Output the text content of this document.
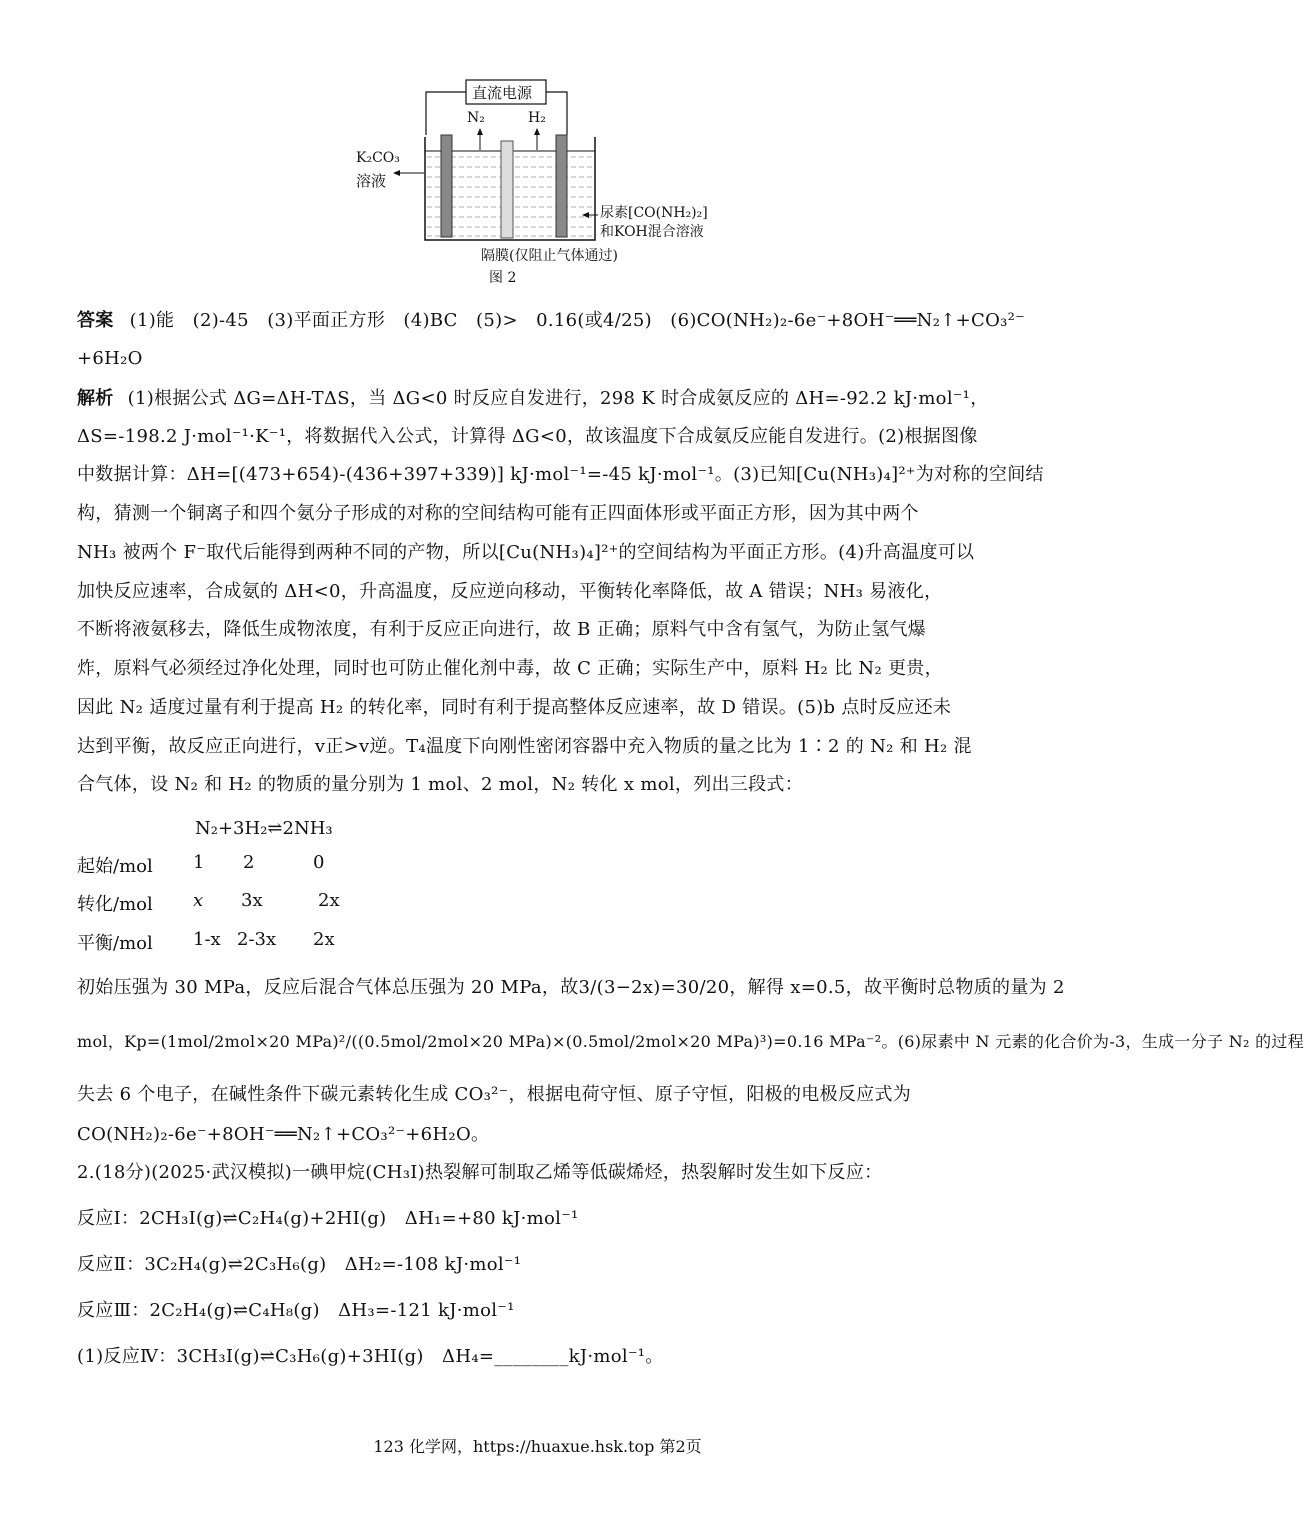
直流电源
N₂	H₂
K₂CO₃
溶液
尿素[CO(NH₂)₂]
和KOH混合溶液
隔膜(仅阻止气体通过)
图 2
答案 (1)能　(2)-45　(3)平面正方形　(4)BC　(5)>　0.16(或4/25)　(6)CO(NH₂)₂-6e⁻+8OH⁻══N₂↑+CO₃²⁻
+6H₂O
解析 (1)根据公式 ΔG=ΔH-TΔS，当 ΔG<0 时反应自发进行，298 K 时合成氨反应的 ΔH=-92.2 kJ·mol⁻¹，
ΔS=-198.2 J·mol⁻¹·K⁻¹，将数据代入公式，计算得 ΔG<0，故该温度下合成氨反应能自发进行。(2)根据图像
中数据计算：ΔH=[(473+654)-(436+397+339)] kJ·mol⁻¹=-45 kJ·mol⁻¹。(3)已知[Cu(NH₃)₄]²⁺为对称的空间结
构，猜测一个铜离子和四个氨分子形成的对称的空间结构可能有正四面体形或平面正方形，因为其中两个
NH₃ 被两个 F⁻取代后能得到两种不同的产物，所以[Cu(NH₃)₄]²⁺的空间结构为平面正方形。(4)升高温度可以
加快反应速率，合成氨的 ΔH<0，升高温度，反应逆向移动，平衡转化率降低，故 A 错误；NH₃ 易液化，
不断将液氨移去，降低生成物浓度，有利于反应正向进行，故 B 正确；原料气中含有氢气，为防止氢气爆
炸，原料气必须经过净化处理，同时也可防止催化剂中毒，故 C 正确；实际生产中，原料 H₂ 比 N₂ 更贵，
因此 N₂ 适度过量有利于提高 H₂ 的转化率，同时有利于提高整体反应速率，故 D 错误。(5)b 点时反应还未
达到平衡，故反应正向进行，v正>v逆。T₄温度下向刚性密闭容器中充入物质的量之比为 1∶2 的 N₂ 和 H₂ 混
合气体，设 N₂ 和 H₂ 的物质的量分别为 1 mol、2 mol，N₂ 转化 x mol，列出三段式：
N₂+3H₂⇌2NH₃
起始/mol 1 2	0
转化/mol x 3x	2x
平衡/mol 1-x 2-3x 2x
初始压强为 30 MPa，反应后混合气体总压强为 20 MPa，故3/(3−2x)=30/20，解得 x=0.5，故平衡时总物质的量为 2
mol，Kp=(1mol/2mol×20 MPa)²/((0.5mol/2mol×20 MPa)×(0.5mol/2mol×20 MPa)³)=0.16 MPa⁻²。(6)尿素中 N 元素的化合价为-3，生成一分子 N₂ 的过程
失去 6 个电子，在碱性条件下碳元素转化生成 CO₃²⁻，根据电荷守恒、原子守恒，阳极的电极反应式为
CO(NH₂)₂-6e⁻+8OH⁻══N₂↑+CO₃²⁻+6H₂O。
2.(18分)(2025·武汉模拟)一碘甲烷(CH₃I)热裂解可制取乙烯等低碳烯烃，热裂解时发生如下反应：
反应Ⅰ：2CH₃I(g)⇌C₂H₄(g)+2HI(g)　ΔH₁=+80 kJ·mol⁻¹
反应Ⅱ：3C₂H₄(g)⇌2C₃H₆(g)　ΔH₂=-108 kJ·mol⁻¹
反应Ⅲ：2C₂H₄(g)⇌C₄H₈(g)　ΔH₃=-121 kJ·mol⁻¹
(1)反应Ⅳ：3CH₃I(g)⇌C₃H₆(g)+3HI(g)　ΔH₄=________kJ·mol⁻¹。
123 化学网，https://huaxue.hsk.top 第2页
